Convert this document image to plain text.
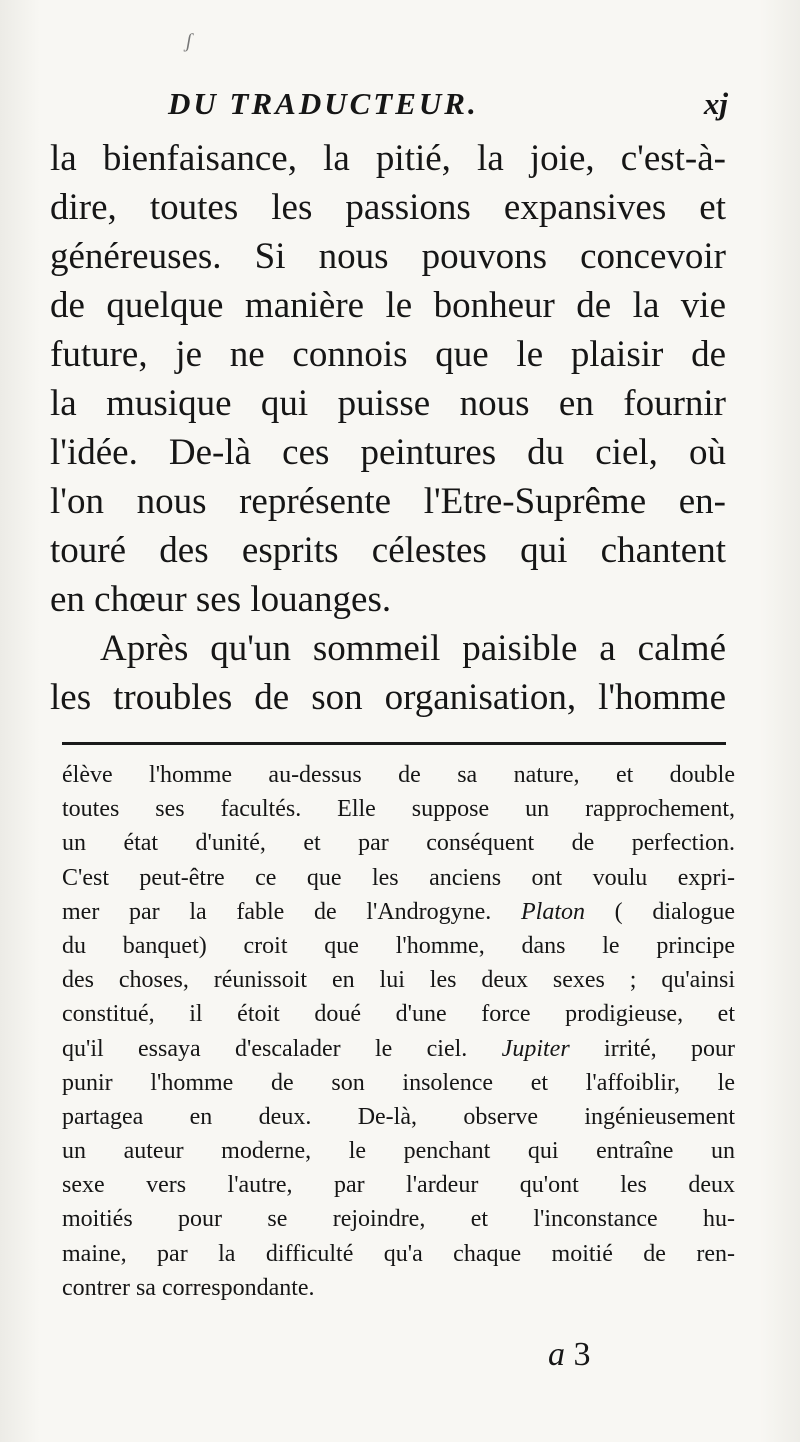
ʃ
DU TRADUCTEUR.	xj
la bienfaisance, la pitié, la joie, c'est-à-
dire, toutes les passions expansives et
généreuses. Si nous pouvons concevoir
de quelque manière le bonheur de la vie
future, je ne connois que le plaisir de
la musique qui puisse nous en fournir
l'idée. De-là ces peintures du ciel, où
l'on nous représente l'Etre-Suprême en-
touré des esprits célestes qui chantent
en chœur ses louanges.
Après qu'un sommeil paisible a calmé
les troubles de son organisation, l'homme
élève l'homme au-dessus de sa nature, et double
toutes ses facultés. Elle suppose un rapprochement,
un état d'unité, et par conséquent de perfection.
C'est peut-être ce que les anciens ont voulu expri-
mer par la fable de l'Androgyne. Platon ( dialogue
du banquet) croit que l'homme, dans le principe
des choses, réunissoit en lui les deux sexes ; qu'ainsi
constitué, il étoit doué d'une force prodigieuse, et
qu'il essaya d'escalader le ciel. Jupiter irrité, pour
punir l'homme de son insolence et l'affoiblir, le
partagea en deux. De-là, observe ingénieusement
un auteur moderne, le penchant qui entraîne un
sexe vers l'autre, par l'ardeur qu'ont les deux
moitiés pour se rejoindre, et l'inconstance hu-
maine, par la difficulté qu'a chaque moitié de ren-
contrer sa correspondante.
a 3
